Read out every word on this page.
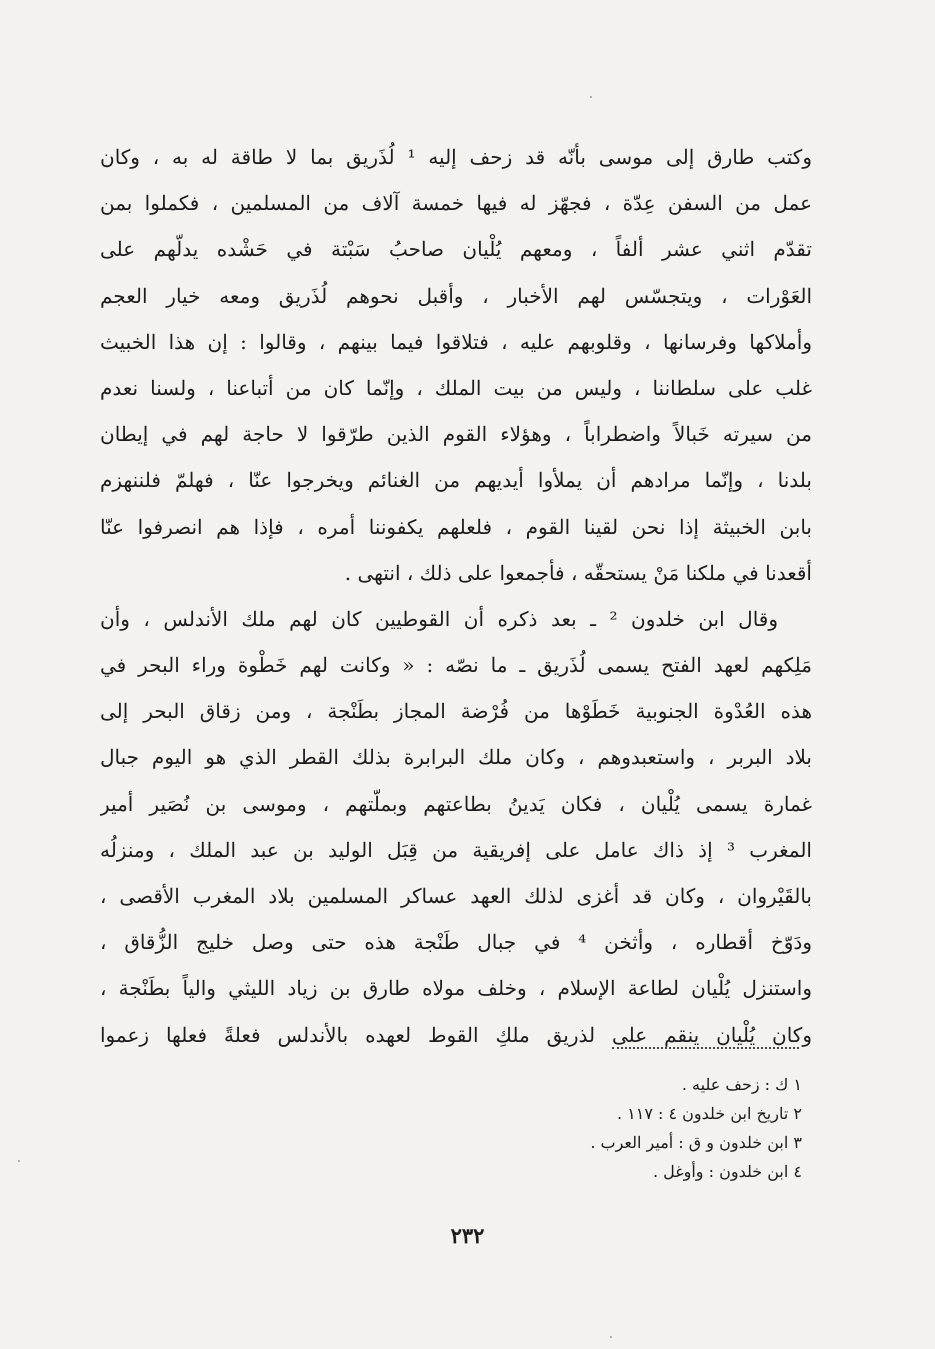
وكتب طارق إلى موسى بأنّه قد زحف إليه ¹ لُذَريق بما لا طاقة له به ، وكان
عمل من السفن عِدّة ، فجهّز له فيها خمسة آلاف من المسلمين ، فكملوا بمن
تقدّم اثني عشر ألفاً ، ومعهم يُلْيان صاحبُ سَبْتة في حَشْده يدلّهم على
العَوْرات ، ويتجسّس لهم الأخبار ، وأقبل نحوهم لُذَريق ومعه خيار العجم
وأملاكها وفرسانها ، وقلوبهم عليه ، فتلاقوا فيما بينهم ، وقالوا : إن هذا الخبيث
غلب على سلطاننا ، وليس من بيت الملك ، وإنّما كان من أتباعنا ، ولسنا نعدم
من سيرته خَبالاً واضطراباً ، وهؤلاء القوم الذين طرّقوا لا حاجة لهم في إيطان
بلدنا ، وإنّما مرادهم أن يملأوا أيديهم من الغنائم ويخرجوا عنّا ، فهلمّ فلننهزم
بابن الخبيثة إذا نحن لقينا القوم ، فلعلهم يكفوننا أمره ، فإذا هم انصرفوا عنّا
أقعدنا في ملكنا مَنْ يستحقّه ، فأجمعوا على ذلك ، انتهى .
وقال ابن خلدون ² ـ بعد ذكره أن القوطيين كان لهم ملك الأندلس ، وأن
مَلِكهم لعهد الفتح يسمى لُذَريق ـ ما نصّه : « وكانت لهم خَطْوة وراء البحر في
هذه العُدْوة الجنوبية خَطَوْها من فُرْضة المجاز بطَنْجة ، ومن زقاق البحر إلى
بلاد البربر ، واستعبدوهم ، وكان ملك البرابرة بذلك القطر الذي هو اليوم جبال
غمارة يسمى يُلْيان ، فكان يَدينُ بطاعتهم وبملّتهم ، وموسى بن نُصَير أمير
المغرب ³ إذ ذاك عامل على إفريقية من قِبَل الوليد بن عبد الملك ، ومنزلُه
بالقَيْروان ، وكان قد أغزى لذلك العهد عساكر المسلمين بلاد المغرب الأقصى ،
ودَوّخ أقطاره ، وأثخن ⁴ في جبال طَنْجة هذه حتى وصل خليج الزُّقاق ،
واستنزل يُلْيان لطاعة الإسلام ، وخلف مولاه طارق بن زياد الليثي والياً بطَنْجة ،
وكان يُلْيان ينقم على لذريق ملكِ القوط لعهده بالأندلس فعلةً فعلها زعموا
١ ك : زحف عليه .
٢ تاريخ ابن خلدون ٤ : ١١٧ .
٣ ابن خلدون و ق : أمير العرب .
٤ ابن خلدون : وأوغل .
٢٣٢
